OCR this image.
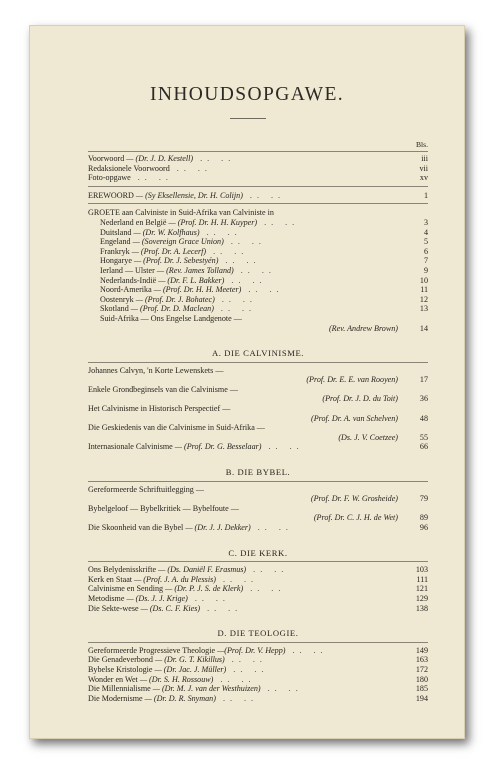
INHOUDSOPGAWE.
Bls.
Voorwoord — (Dr. J. D. Kestell) .. ..	iii
Redaksionele Voorwoord .. ..	vii
Foto-opgawe .. ..	xv
EREWOORD — (Sy Eksellensie, Dr. H. Colijn) .. ..	1
GROETE aan Calviniste in Suid-Afrika van Calviniste in
Nederland en België — (Prof. Dr. H. H. Kuyper) .. ..	3
Duitsland — (Dr. W. Kolfhaus) .. ..	4
Engeland — (Sovereign Grace Union) .. ..	5
Frankryk — (Prof. Dr. A. Lecerf) .. ..	6
Hongarye — (Prof. Dr. J. Sebestyén) .. ..	7
Ierland — Ulster — (Rev. James Tolland) .. ..	9
Nederlands-Indië — (Dr. F. L. Bakker) .. ..	10
Noord-Amerika — (Prof. Dr. H. H. Meeter) .. ..	11
Oostenryk — (Prof. Dr. J. Bohatec) .. ..	12
Skotland — (Prof. Dr. D. Maclean) .. ..	13
Suid-Afrika — Ons Engelse Landgenote —
(Rev. Andrew Brown)	14
A. DIE CALVINISME.
Johannes Calvyn, 'n Korte Lewenskets —
(Prof. Dr. E. E. van Rooyen)	17
Enkele Grondbeginsels van die Calvinisme —
(Prof. Dr. J. D. du Toit)	36
Het Calvinisme in Historisch Perspectief —
(Prof. Dr. A. van Schelven)	48
Die Geskiedenis van die Calvinisme in Suid-Afrika —
(Ds. J. V. Coetzee)	55
Internasionale Calvinisme — (Prof. Dr. G. Besselaar) .. ..	66
B. DIE BYBEL.
Gereformeerde Schriftuitlegging —
(Prof. Dr. F. W. Grosheide)	79
Bybelgeloof — Bybelkritiek — Bybelfoute —
(Prof. Dr. C. J. H. de Wet)	89
Die Skoonheid van die Bybel — (Dr. J. J. Dekker) .. ..	96
C. DIE KERK.
Ons Belydenisskrifte — (Ds. Daniël F. Erasmus) .. ..	103
Kerk en Staat — (Prof. J. A. du Plessis) .. ..	111
Calvinisme en Sending — (Dr. P. J. S. de Klerk) .. ..	121
Metodisme — (Ds. J. J. Krige) .. ..	129
Die Sekte-wese — (Ds. C. F. Kies) .. ..	138
D. DIE TEOLOGIE.
Gereformeerde Progressieve Theologie —(Prof. Dr. V. Hepp) .. ..	149
Die Genadeverbond — (Dr. G. T. Kikillus) .. ..	163
Bybelse Kristologie — (Dr. Jac. J. Müller) .. ..	172
Wonder en Wet — (Dr. S. H. Rossouw) .. ..	180
Die Millennialisme — (Dr. M. J. van der Westhuizen) .. ..	185
Die Modernisme — (Dr. D. R. Snyman) .. ..	194
